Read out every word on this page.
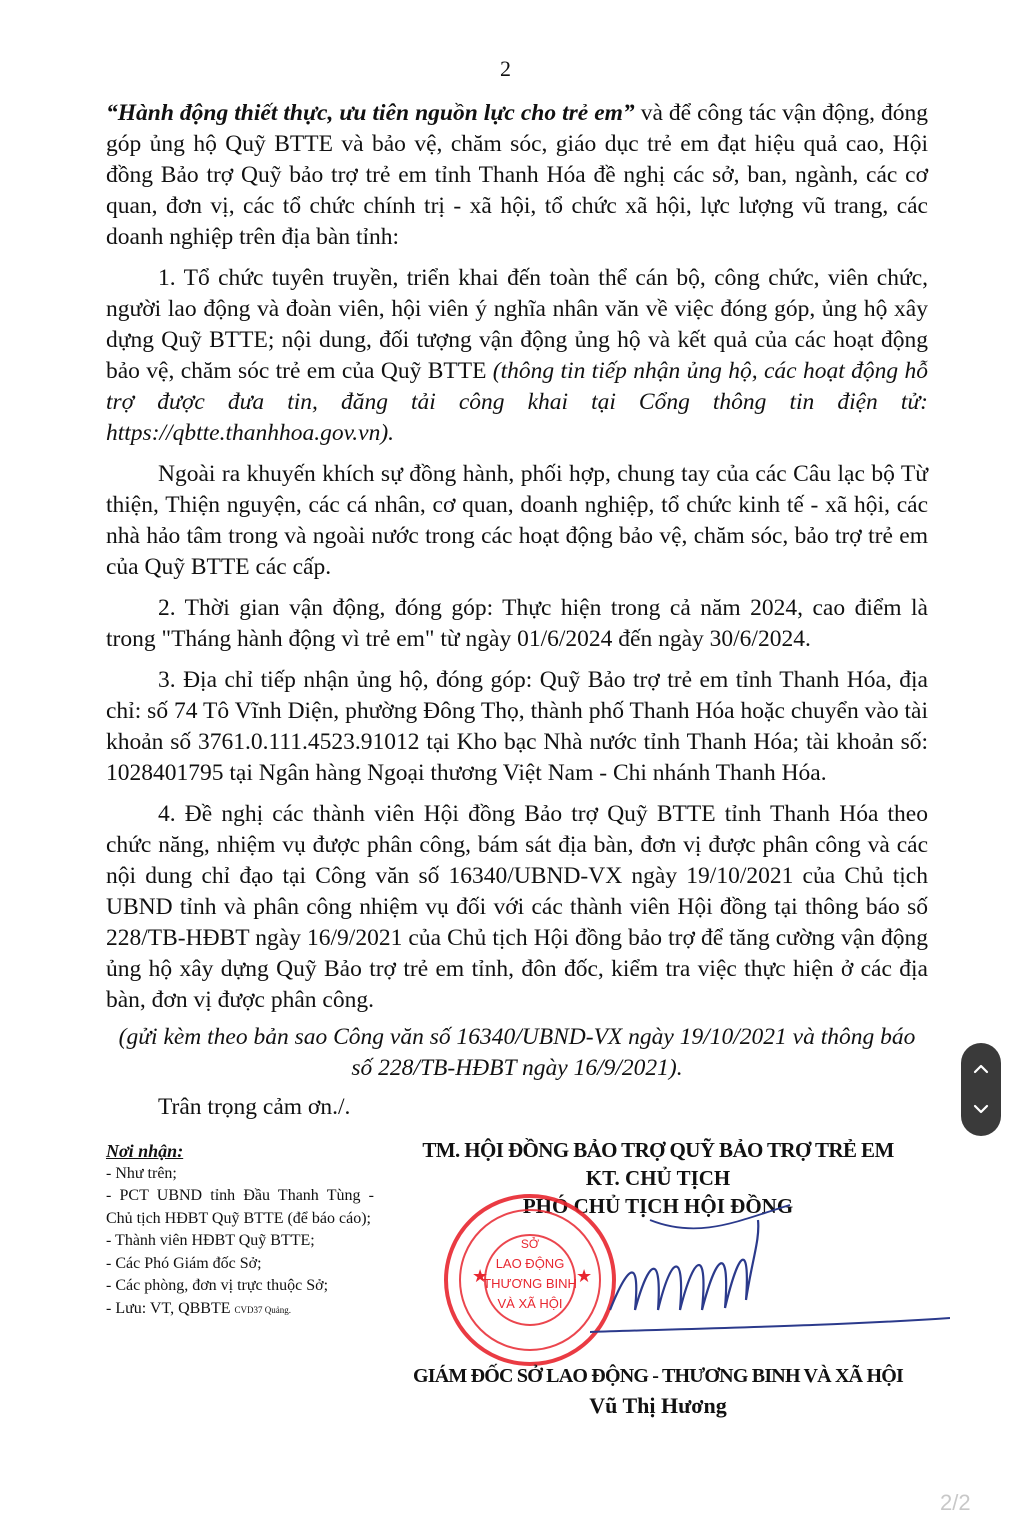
2

“Hành động thiết thực, ưu tiên nguồn lực cho trẻ em” và để công tác vận động, đóng góp ủng hộ Quỹ BTTE và bảo vệ, chăm sóc, giáo dục trẻ em đạt hiệu quả cao, Hội đồng Bảo trợ Quỹ bảo trợ trẻ em tỉnh Thanh Hóa đề nghị các sở, ban, ngành, các cơ quan, đơn vị, các tổ chức chính trị - xã hội, tổ chức xã hội, lực lượng vũ trang, các doanh nghiệp trên địa bàn tỉnh:

1. Tổ chức tuyên truyền, triển khai đến toàn thể cán bộ, công chức, viên chức, người lao động và đoàn viên, hội viên ý nghĩa nhân văn về việc đóng góp, ủng hộ xây dựng Quỹ BTTE; nội dung, đối tượng vận động ủng hộ và kết quả của các hoạt động bảo vệ, chăm sóc trẻ em của Quỹ BTTE (thông tin tiếp nhận ủng hộ, các hoạt động hỗ trợ được đưa tin, đăng tải công khai tại Cổng thông tin điện tử: https://qbtte.thanhhoa.gov.vn).

Ngoài ra khuyến khích sự đồng hành, phối hợp, chung tay của các Câu lạc bộ Từ thiện, Thiện nguyện, các cá nhân, cơ quan, doanh nghiệp, tổ chức kinh tế - xã hội, các nhà hảo tâm trong và ngoài nước trong các hoạt động bảo vệ, chăm sóc, bảo trợ trẻ em của Quỹ BTTE các cấp.

2. Thời gian vận động, đóng góp: Thực hiện trong cả năm 2024, cao điểm là trong "Tháng hành động vì trẻ em" từ ngày 01/6/2024 đến ngày 30/6/2024.

3. Địa chỉ tiếp nhận ủng hộ, đóng góp: Quỹ Bảo trợ trẻ em tỉnh Thanh Hóa, địa chỉ: số 74 Tô Vĩnh Diện, phường Đông Thọ, thành phố Thanh Hóa hoặc chuyển vào tài khoản số 3761.0.111.4523.91012 tại Kho bạc Nhà nước tỉnh Thanh Hóa; tài khoản số: 1028401795 tại Ngân hàng Ngoại thương Việt Nam - Chi nhánh Thanh Hóa.

4. Đề nghị các thành viên Hội đồng Bảo trợ Quỹ BTTE tỉnh Thanh Hóa theo chức năng, nhiệm vụ được phân công, bám sát địa bàn, đơn vị được phân công và các nội dung chỉ đạo tại Công văn số 16340/UBND-VX ngày 19/10/2021 của Chủ tịch UBND tỉnh và phân công nhiệm vụ đối với các thành viên Hội đồng tại thông báo số 228/TB-HĐBT ngày 16/9/2021 của Chủ tịch Hội đồng bảo trợ để tăng cường vận động ủng hộ xây dựng Quỹ Bảo trợ trẻ em tỉnh, đôn đốc, kiểm tra việc thực hiện ở các địa bàn, đơn vị được phân công.

(gửi kèm theo bản sao Công văn số 16340/UBND-VX ngày 19/10/2021 và thông báo số 228/TB-HĐBT ngày 16/9/2021).

Trân trọng cảm ơn./.

Nơi nhận:
- Như trên;
- PCT UBND tỉnh Đầu Thanh Tùng - Chủ tịch HĐBT Quỹ BTTE (để báo cáo);
- Thành viên HĐBT Quỹ BTTE;
- Các Phó Giám đốc Sở;
- Các phòng, đơn vị trực thuộc Sở;
- Lưu: VT, QBBTE CVD37 Quảng.
TM. HỘI ĐỒNG BẢO TRỢ QUỸ BẢO TRỢ TRẺ EM
KT. CHỦ TỊCH
PHÓ CHỦ TỊCH HỘI ĐỒNG
SỞ
LAO ĐỘNG
THƯƠNG BINH
VÀ XÃ HỘI
★	★
GIÁM ĐỐC SỞ LAO ĐỘNG - THƯƠNG BINH VÀ XÃ HỘI
Vũ Thị Hương
2/2
